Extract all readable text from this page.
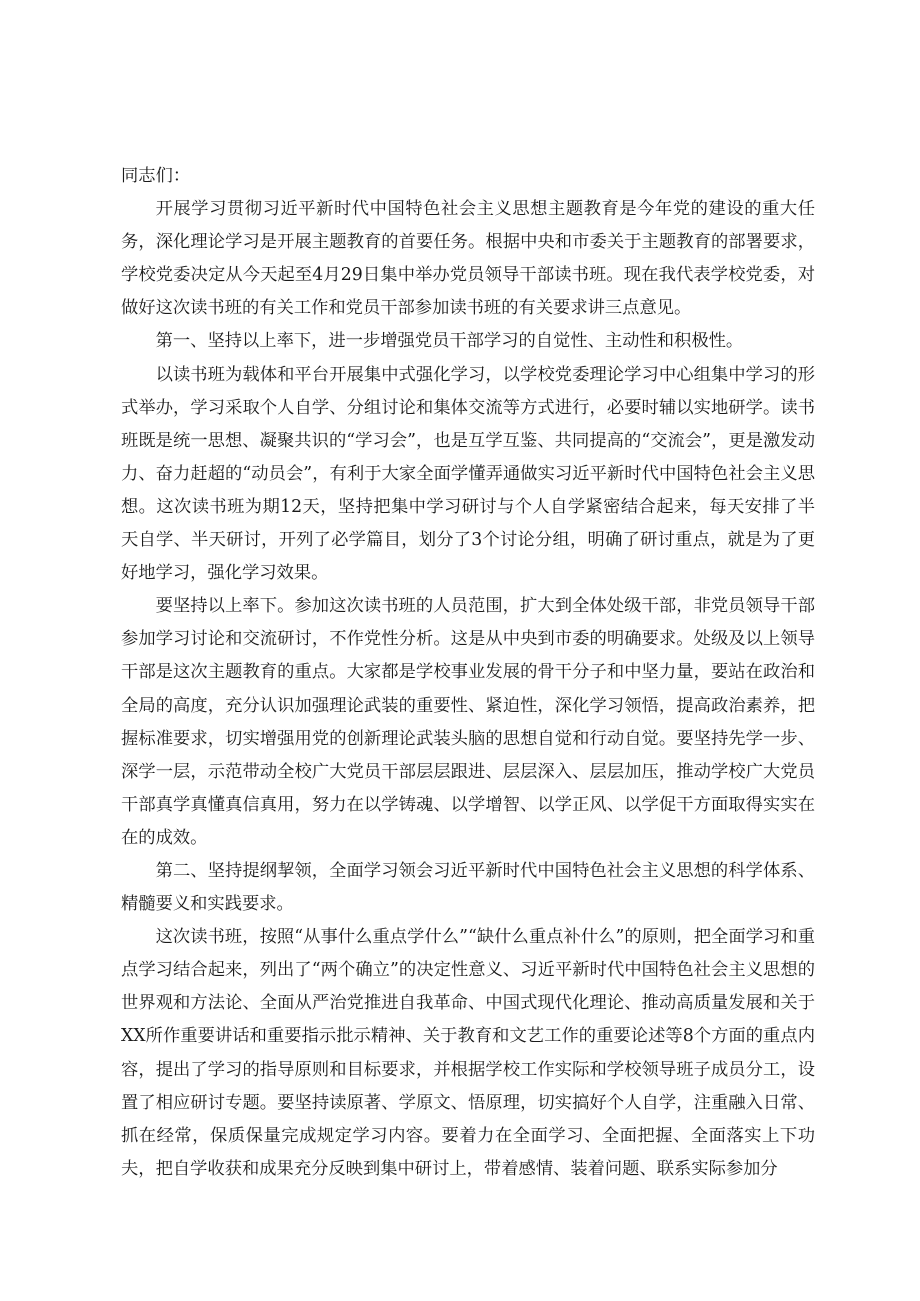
同志们：

开展学习贯彻习近平新时代中国特色社会主义思想主题教育是今年党的建设的重大任务，深化理论学习是开展主题教育的首要任务。根据中央和市委关于主题教育的部署要求，学校党委决定从今天起至4月29日集中举办党员领导干部读书班。现在我代表学校党委，对做好这次读书班的有关工作和党员干部参加读书班的有关要求讲三点意见。

第一、坚持以上率下，进一步增强党员干部学习的自觉性、主动性和积极性。

以读书班为载体和平台开展集中式强化学习，以学校党委理论学习中心组集中学习的形式举办，学习采取个人自学、分组讨论和集体交流等方式进行，必要时辅以实地研学。读书班既是统一思想、凝聚共识的“学习会”，也是互学互鉴、共同提高的“交流会”，更是激发动力、奋力赶超的“动员会”，有利于大家全面学懂弄通做实习近平新时代中国特色社会主义思想。这次读书班为期12天，坚持把集中学习研讨与个人自学紧密结合起来，每天安排了半天自学、半天研讨，开列了必学篇目，划分了3个讨论分组，明确了研讨重点，就是为了更好地学习，强化学习效果。

要坚持以上率下。参加这次读书班的人员范围，扩大到全体处级干部，非党员领导干部参加学习讨论和交流研讨，不作党性分析。这是从中央到市委的明确要求。处级及以上领导干部是这次主题教育的重点。大家都是学校事业发展的骨干分子和中坚力量，要站在政治和全局的高度，充分认识加强理论武装的重要性、紧迫性，深化学习领悟，提高政治素养，把握标准要求，切实增强用党的创新理论武装头脑的思想自觉和行动自觉。要坚持先学一步、深学一层，示范带动全校广大党员干部层层跟进、层层深入、层层加压，推动学校广大党员干部真学真懂真信真用，努力在以学铸魂、以学增智、以学正风、以学促干方面取得实实在在的成效。

第二、坚持提纲挈领，全面学习领会习近平新时代中国特色社会主义思想的科学体系、精髓要义和实践要求。

这次读书班，按照“从事什么重点学什么”“缺什么重点补什么”的原则，把全面学习和重点学习结合起来，列出了“两个确立”的决定性意义、习近平新时代中国特色社会主义思想的世界观和方法论、全面从严治党推进自我革命、中国式现代化理论、推动高质量发展和关于XX所作重要讲话和重要指示批示精神、关于教育和文艺工作的重要论述等8个方面的重点内容，提出了学习的指导原则和目标要求，并根据学校工作实际和学校领导班子成员分工，设置了相应研讨专题。要坚持读原著、学原文、悟原理，切实搞好个人自学，注重融入日常、抓在经常，保质保量完成规定学习内容。要着力在全面学习、全面把握、全面落实上下功夫，把自学收获和成果充分反映到集中研讨上，带着感情、装着问题、联系实际参加分
